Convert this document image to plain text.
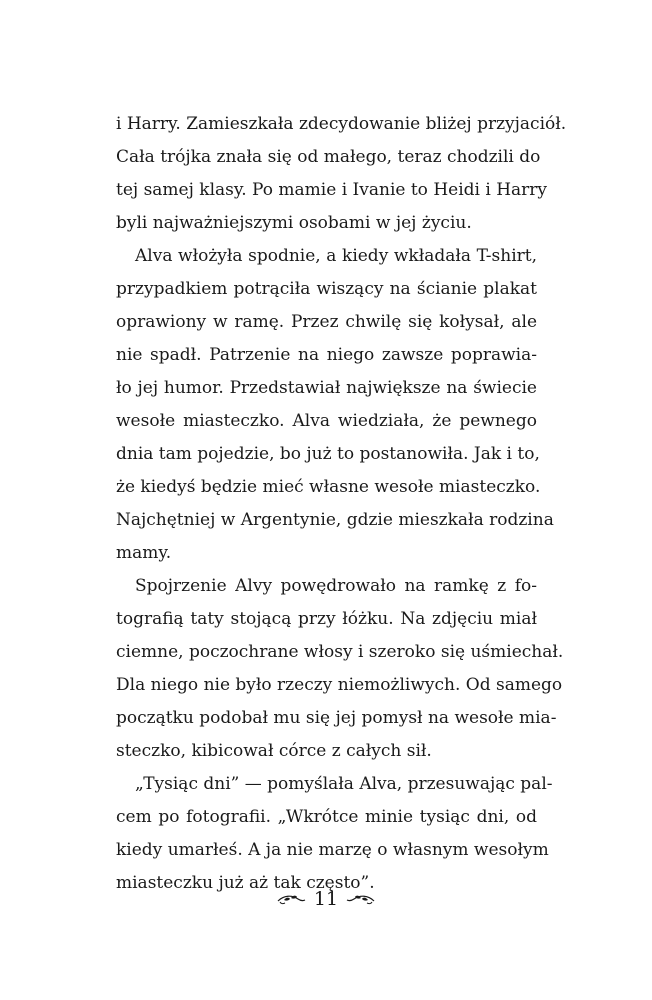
i Harry. Zamieszkała zdecydowanie bliżej przyjaciół.
Cała trójka znała się od małego, teraz chodzili do
tej samej klasy. Po mamie i Ivanie to Heidi i Harry
byli najważniejszymi osobami w jej życiu.
Alva włożyła spodnie, a kiedy wkładała T-shirt,
przypadkiem potrąciła wiszący na ścianie plakat
oprawiony w ramę. Przez chwilę się kołysał, ale
nie spadł. Patrzenie na niego zawsze poprawia-
ło jej humor. Przedstawiał największe na świecie
wesołe miasteczko. Alva wiedziała, że pewnego
dnia tam pojedzie, bo już to postanowiła. Jak i to,
że kiedyś będzie mieć własne wesołe miasteczko.
Najchętniej w Argentynie, gdzie mieszkała rodzina
mamy.
Spojrzenie Alvy powędrowało na ramkę z fo-
tografią taty stojącą przy łóżku. Na zdjęciu miał
ciemne, poczochrane włosy i szeroko się uśmiechał.
Dla niego nie było rzeczy niemożliwych. Od samego
początku podobał mu się jej pomysł na wesołe mia-
steczko, kibicował córce z całych sił.
„Tysiąc dni” — pomyślała Alva, przesuwając pal-
cem po fotografii. „Wkrótce minie tysiąc dni, od
kiedy umarłeś. A ja nie marzę o własnym wesołym
miasteczku już aż tak często”.
11
